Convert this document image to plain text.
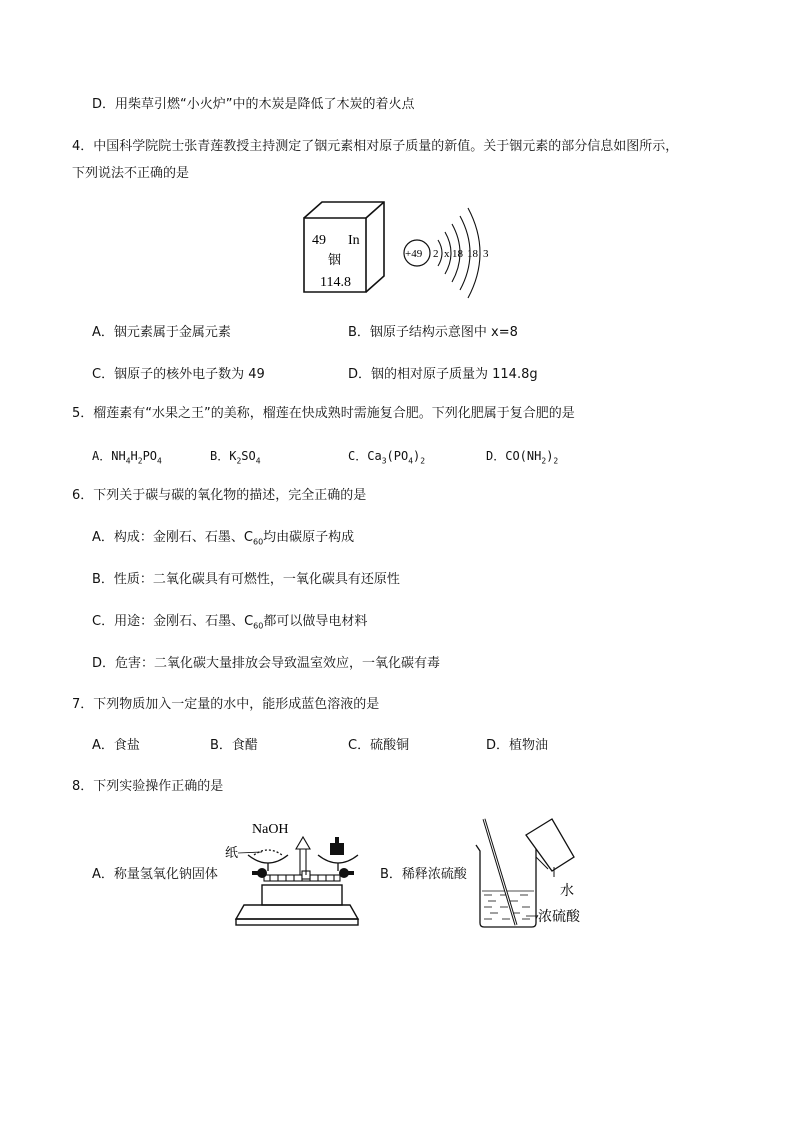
D．用柴草引燃“小火炉”中的木炭是降低了木炭的着火点
4．中国科学院院士张青莲教授主持测定了铟元素相对原子质量的新值。关于铟元素的部分信息如图所示，
下列说法不正确的是
49 In
铟
114.8
+49 2 x 18 18 3
A．铟元素属于金属元素	B．铟原子结构示意图中 x=8
C．铟原子的核外电子数为 49	D．铟的相对原子质量为 114.8g
5．榴莲素有“水果之王”的美称，榴莲在快成熟时需施复合肥。下列化肥属于复合肥的是
A．$NH_4H_2PO_4$	B．$K_2SO_4$	C．$Ca_3(PO_4)_2$	D．$CO(NH_2)_2$
6．下列关于碳与碳的氧化物的描述，完全正确的是
A．构成：金刚石、石墨、$C_{60}$均由碳原子构成
B．性质：二氧化碳具有可燃性，一氧化碳具有还原性
C．用途：金刚石、石墨、$C_{60}$都可以做导电材料
D．危害：二氧化碳大量排放会导致温室效应，一氧化碳有毒
7．下列物质加入一定量的水中，能形成蓝色溶液的是
A．食盐	B．食醋	C．硫酸铜	D．植物油
8．下列实验操作正确的是
A．称量氢氧化钠固体
NaOH
纸
B．稀释浓硫酸
水
浓硫酸
